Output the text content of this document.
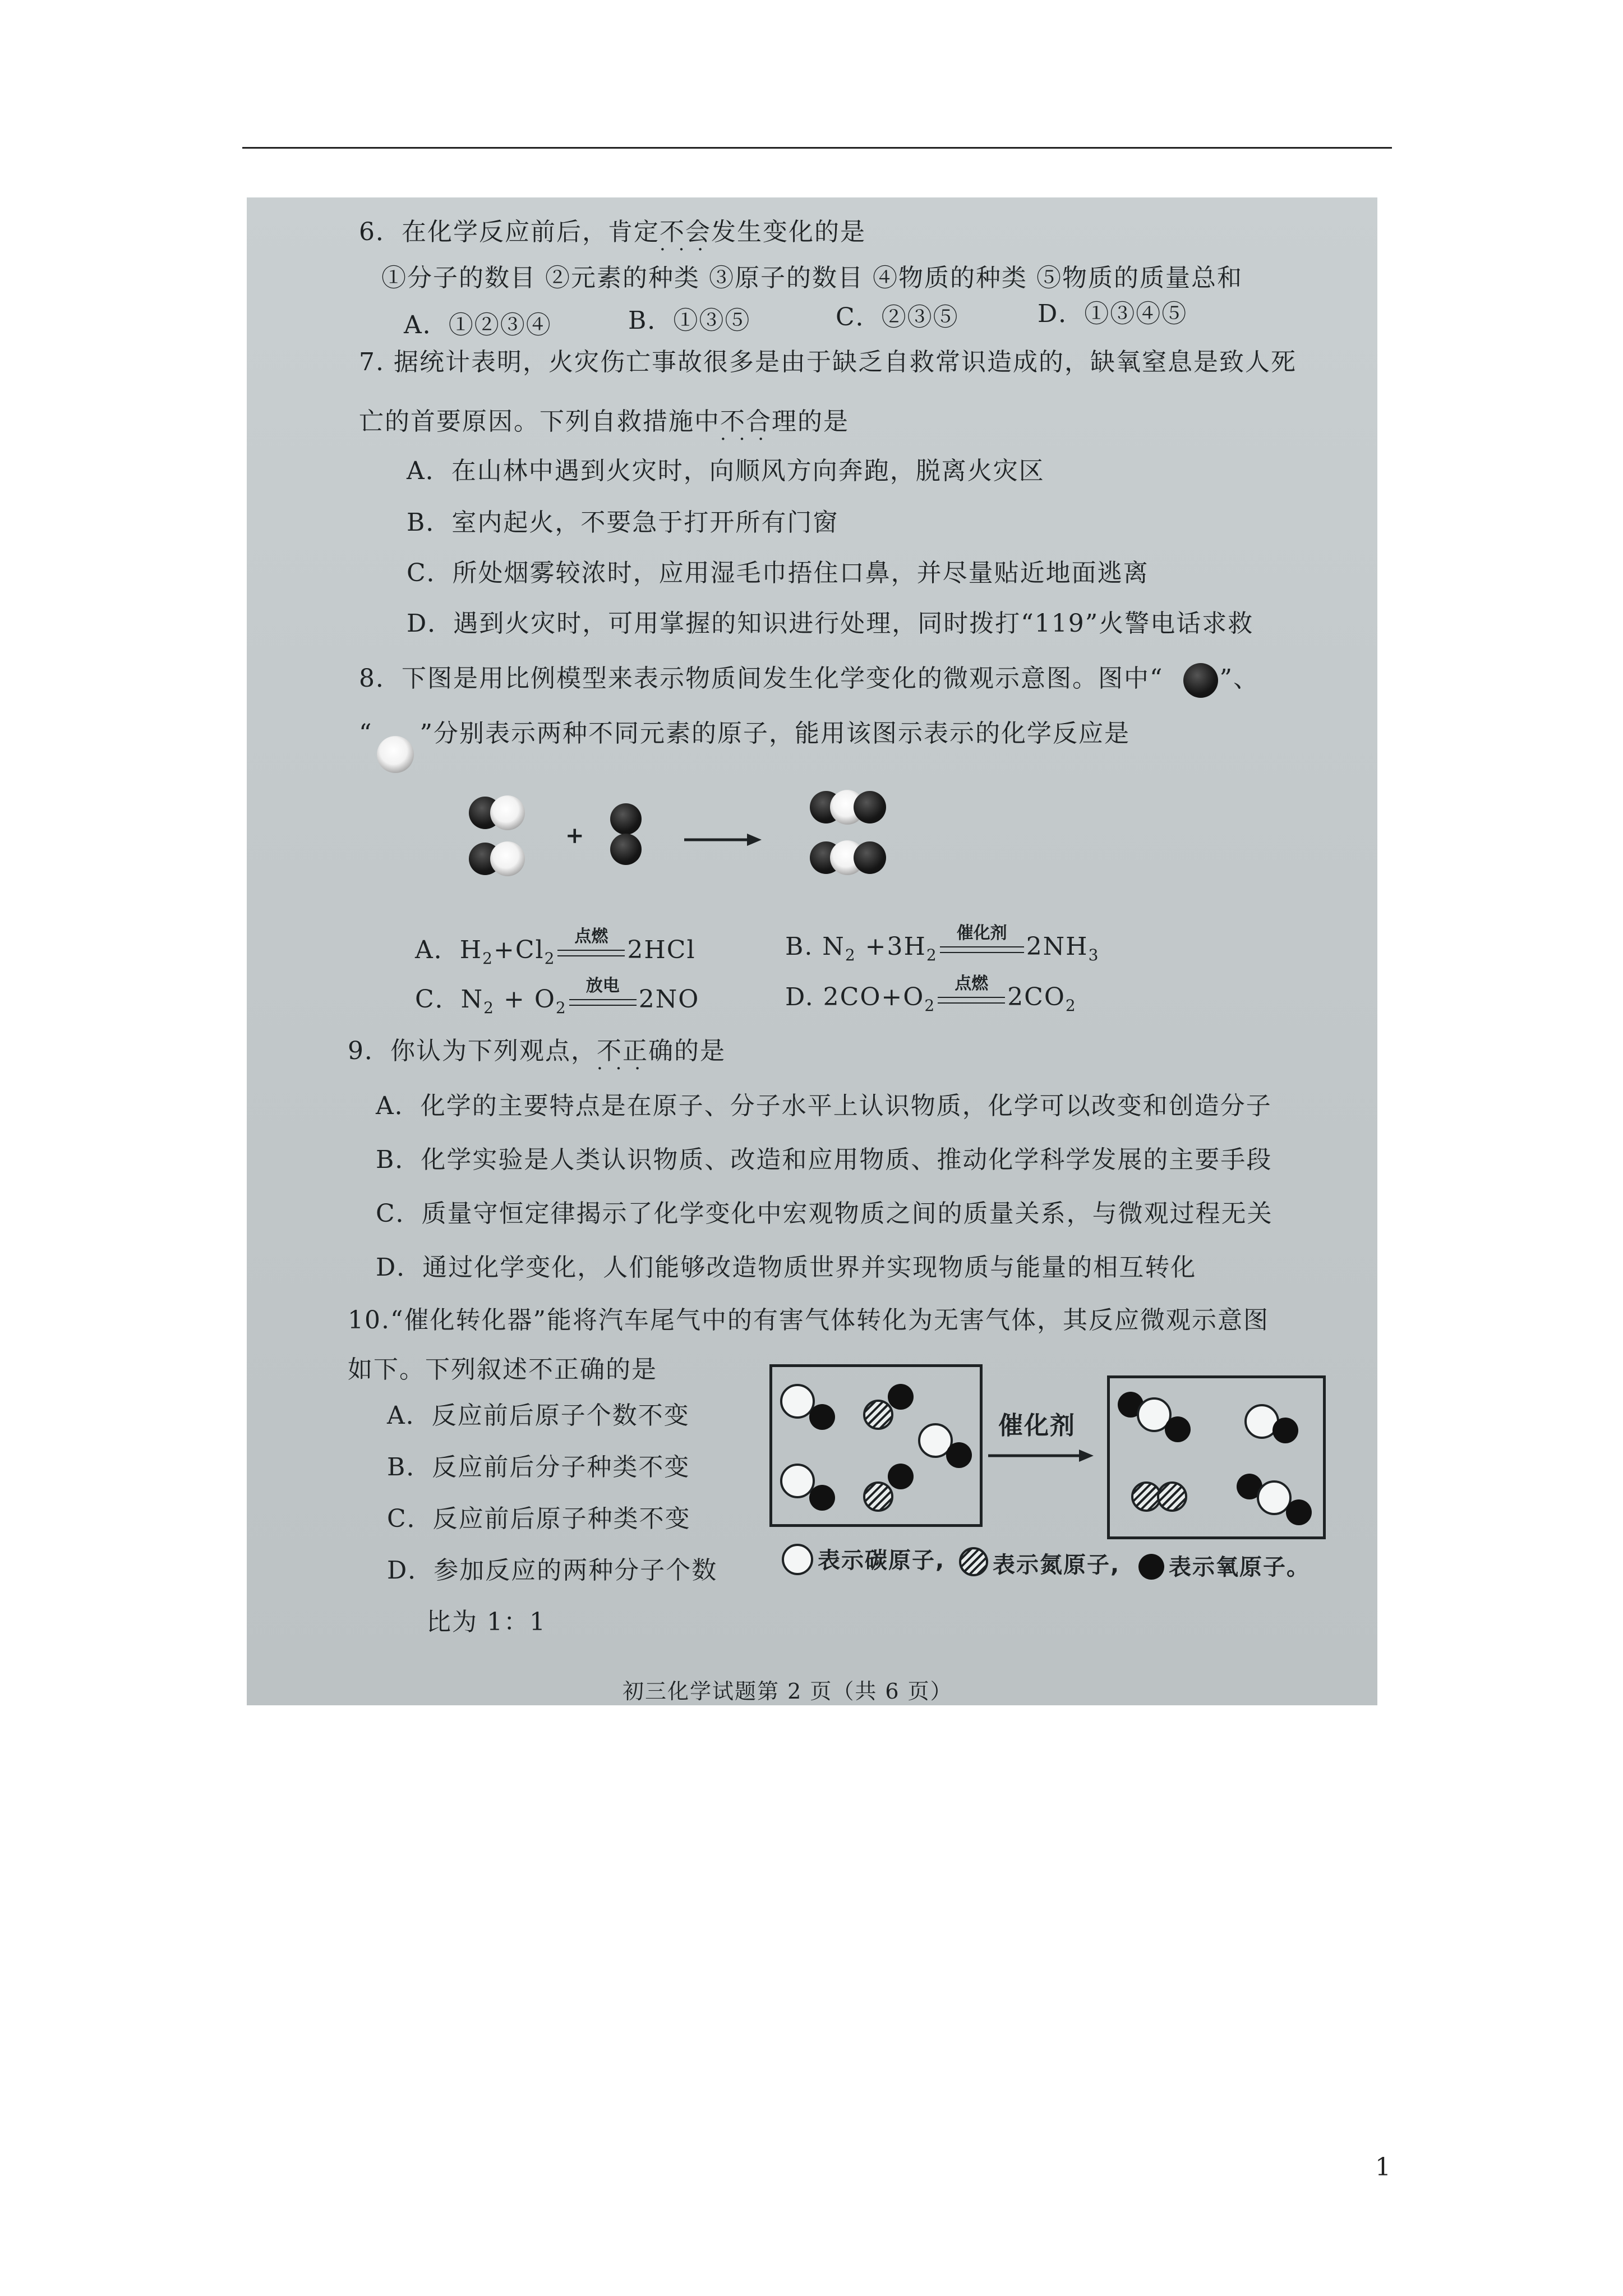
6．在化学反应前后，肯定不会 · · ·发生变化的是
①分子的数目 ②元素的种类 ③原子的数目 ④物质的种类 ⑤物质的质量总和
A．①②③④	B．①③⑤	C．②③⑤	D．①③④⑤
7. 据统计表明，火灾伤亡事故很多是由于缺乏自救常识造成的，缺氧窒息是致人死
亡的首要原因。下列自救措施中不合 · · ·理的是
A．在山林中遇到火灾时，向顺风方向奔跑，脱离火灾区
B．室内起火，不要急于打开所有门窗
C．所处烟雾较浓时，应用湿毛巾捂住口鼻，并尽量贴近地面逃离
D．遇到火灾时，可用掌握的知识进行处理，同时拨打“119”火警电话求救
8．下图是用比例模型来表示物质间发生化学变化的微观示意图。图中“ ”、
“ ”分别表示两种不同元素的原子，能用该图示表示的化学反应是
+
A．$H_2+Cl_2$
点燃 2HCl	B. $N_2 +3H_2$
催化剂 $2NH_3$
C．$N_2 + O_2$
放电 2NO	D. $2CO+O_2$
点燃 $2CO_2$
9．你认为下列观点，不 · · ·正确的是
A．化学的主要特点是在原子、分子水平上认识物质，化学可以改变和创造分子
B．化学实验是人类认识物质、改造和应用物质、推动化学科学发展的主要手段
C．质量守恒定律揭示了化学变化中宏观物质之间的质量关系，与微观过程无关
D．通过化学变化，人们能够改造物质世界并实现物质与能量的相互转化
10.“催化转化器”能将汽车尾气中的有害气体转化为无害气体，其反应微观示意图
如下。下列叙述不正确的是
A．反应前后原子个数不变
B．反应前后分子种类不变
C．反应前后原子种类不变
D．参加反应的两种分子个数
比为 1：1
催化剂
表示碳原子, 表示氮原子, 表示氧原子。
初三化学试题第 2 页（共 6 页）
1
